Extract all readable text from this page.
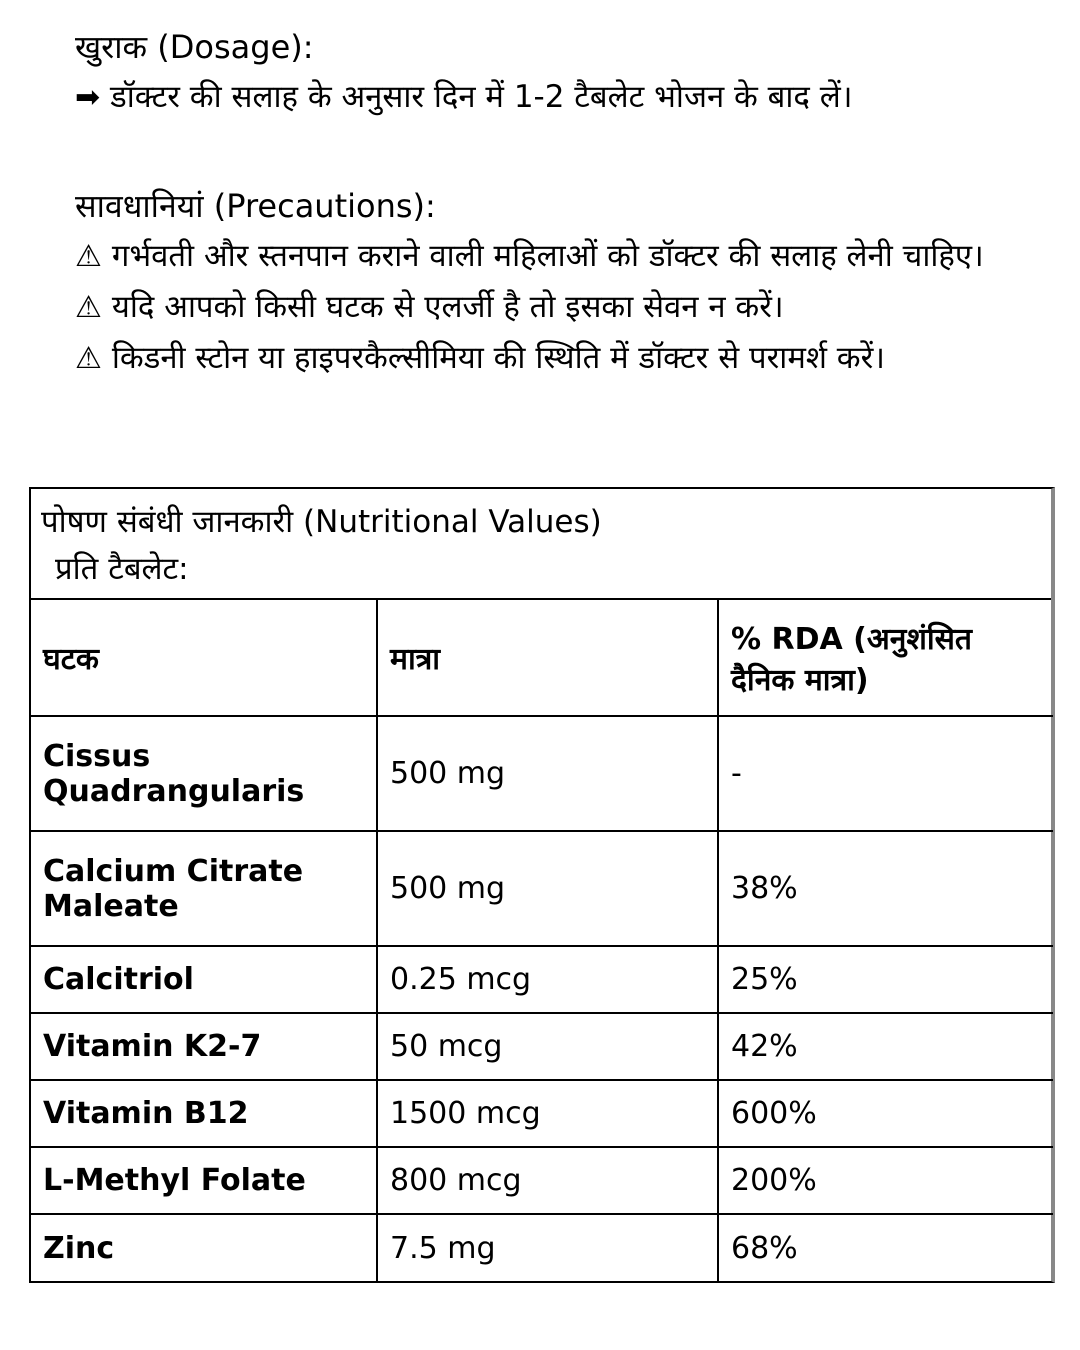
खुराक (Dosage):
➡ डॉक्टर की सलाह के अनुसार दिन में 1-2 टैबलेट भोजन के बाद लें।
सावधानियां (Precautions):
⚠ गर्भवती और स्तनपान कराने वाली महिलाओं को डॉक्टर की सलाह लेनी चाहिए।
⚠ यदि आपको किसी घटक से एलर्जी है तो इसका सेवन न करें।
⚠ किडनी स्टोन या हाइपरकैल्सीमिया की स्थिति में डॉक्टर से परामर्श करें।
पोषण संबंधी जानकारी (Nutritional Values)
प्रति टैबलेट:
घटक	मात्रा	% RDA (अनुशंसित दैनिक मात्रा)
Cissus Quadrangularis	500 mg	-
Calcium Citrate Maleate	500 mg	38%
Calcitriol	0.25 mcg	25%
Vitamin K2-7	50 mcg	42%
Vitamin B12	1500 mcg	600%
L-Methyl Folate	800 mcg	200%
Zinc	7.5 mg	68%
